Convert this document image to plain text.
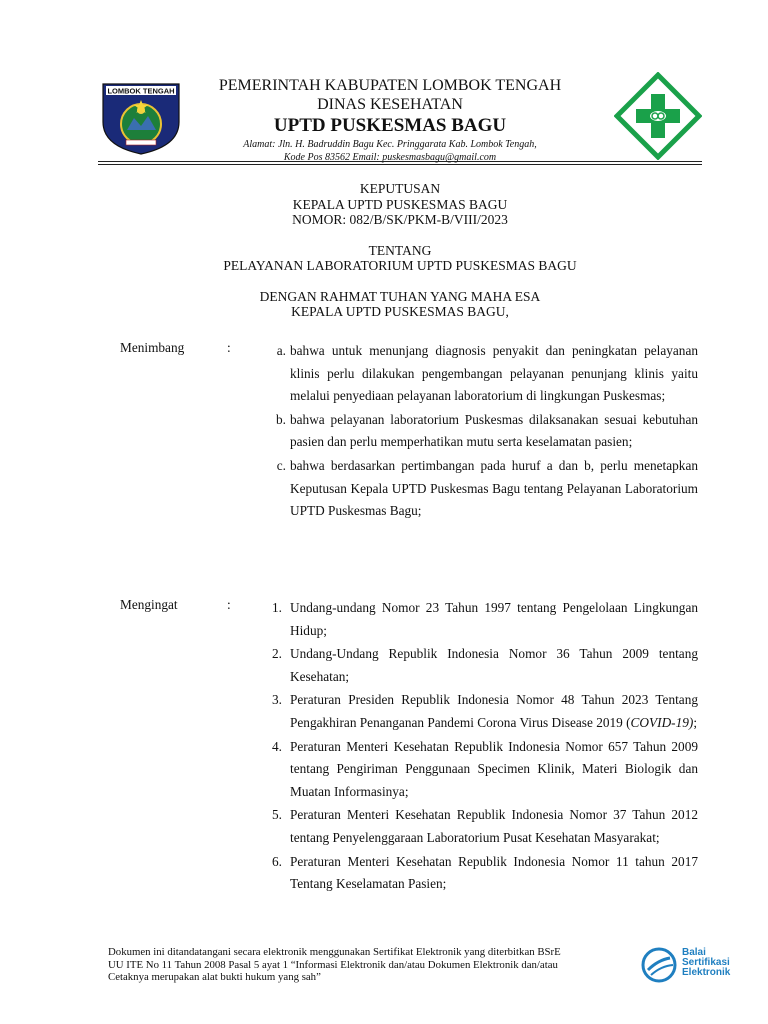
LOMBOK TENGAH	PEMERINTAH KABUPATEN LOMBOK TENGAH
DINAS KESEHATAN
UPTD PUSKESMAS BAGU
Alamat: Jln. H. Badruddin Bagu Kec. Pringgarata Kab. Lombok Tengah,
Kode Pos 83562 Email: puskesmasbagu@gmail.com
KEPUTUSAN
KEPALA UPTD PUSKESMAS BAGU
NOMOR: 082/B/SK/PKM-B/VIII/2023
TENTANG
PELAYANAN LABORATORIUM UPTD PUSKESMAS BAGU
DENGAN RAHMAT TUHAN YANG MAHA ESA
KEPALA UPTD PUSKESMAS BAGU,
Menimbang	:	a. bahwa untuk menunjang diagnosis penyakit dan peningkatan pelayanan klinis perlu dilakukan pengembangan pelayanan penunjang klinis yaitu melalui penyediaan pelayanan laboratorium di lingkungan Puskesmas;
b. bahwa pelayanan laboratorium Puskesmas dilaksanakan sesuai kebutuhan pasien dan perlu memperhatikan mutu serta keselamatan pasien;
c. bahwa berdasarkan pertimbangan pada huruf a dan b, perlu menetapkan Keputusan Kepala UPTD Puskesmas Bagu tentang Pelayanan Laboratorium UPTD Puskesmas Bagu;
Mengingat	:	1. Undang-undang Nomor 23 Tahun 1997 tentang Pengelolaan Lingkungan Hidup;
2. Undang-Undang Republik Indonesia Nomor 36 Tahun 2009 tentang Kesehatan;
3. Peraturan Presiden Republik Indonesia Nomor 48 Tahun 2023 Tentang Pengakhiran Penanganan Pandemi Corona Virus Disease 2019 (COVID-19);
4. Peraturan Menteri Kesehatan Republik Indonesia Nomor 657 Tahun 2009 tentang Pengiriman Penggunaan Specimen Klinik, Materi Biologik dan Muatan Informasinya;
5. Peraturan Menteri Kesehatan Republik Indonesia Nomor 37 Tahun 2012 tentang Penyelenggaraan Laboratorium Pusat Kesehatan Masyarakat;
6. Peraturan Menteri Kesehatan Republik Indonesia Nomor 11 tahun 2017 Tentang Keselamatan Pasien;
Dokumen ini ditandatangani secara elektronik menggunakan Sertifikat Elektronik yang diterbitkan BSrE
UU ITE No 11 Tahun 2008 Pasal 5 ayat 1 “Informasi Elektronik dan/atau Dokumen Elektronik dan/atau
Cetaknya merupakan alat bukti hukum yang sah”
Balai
Sertifikasi
Elektronik
